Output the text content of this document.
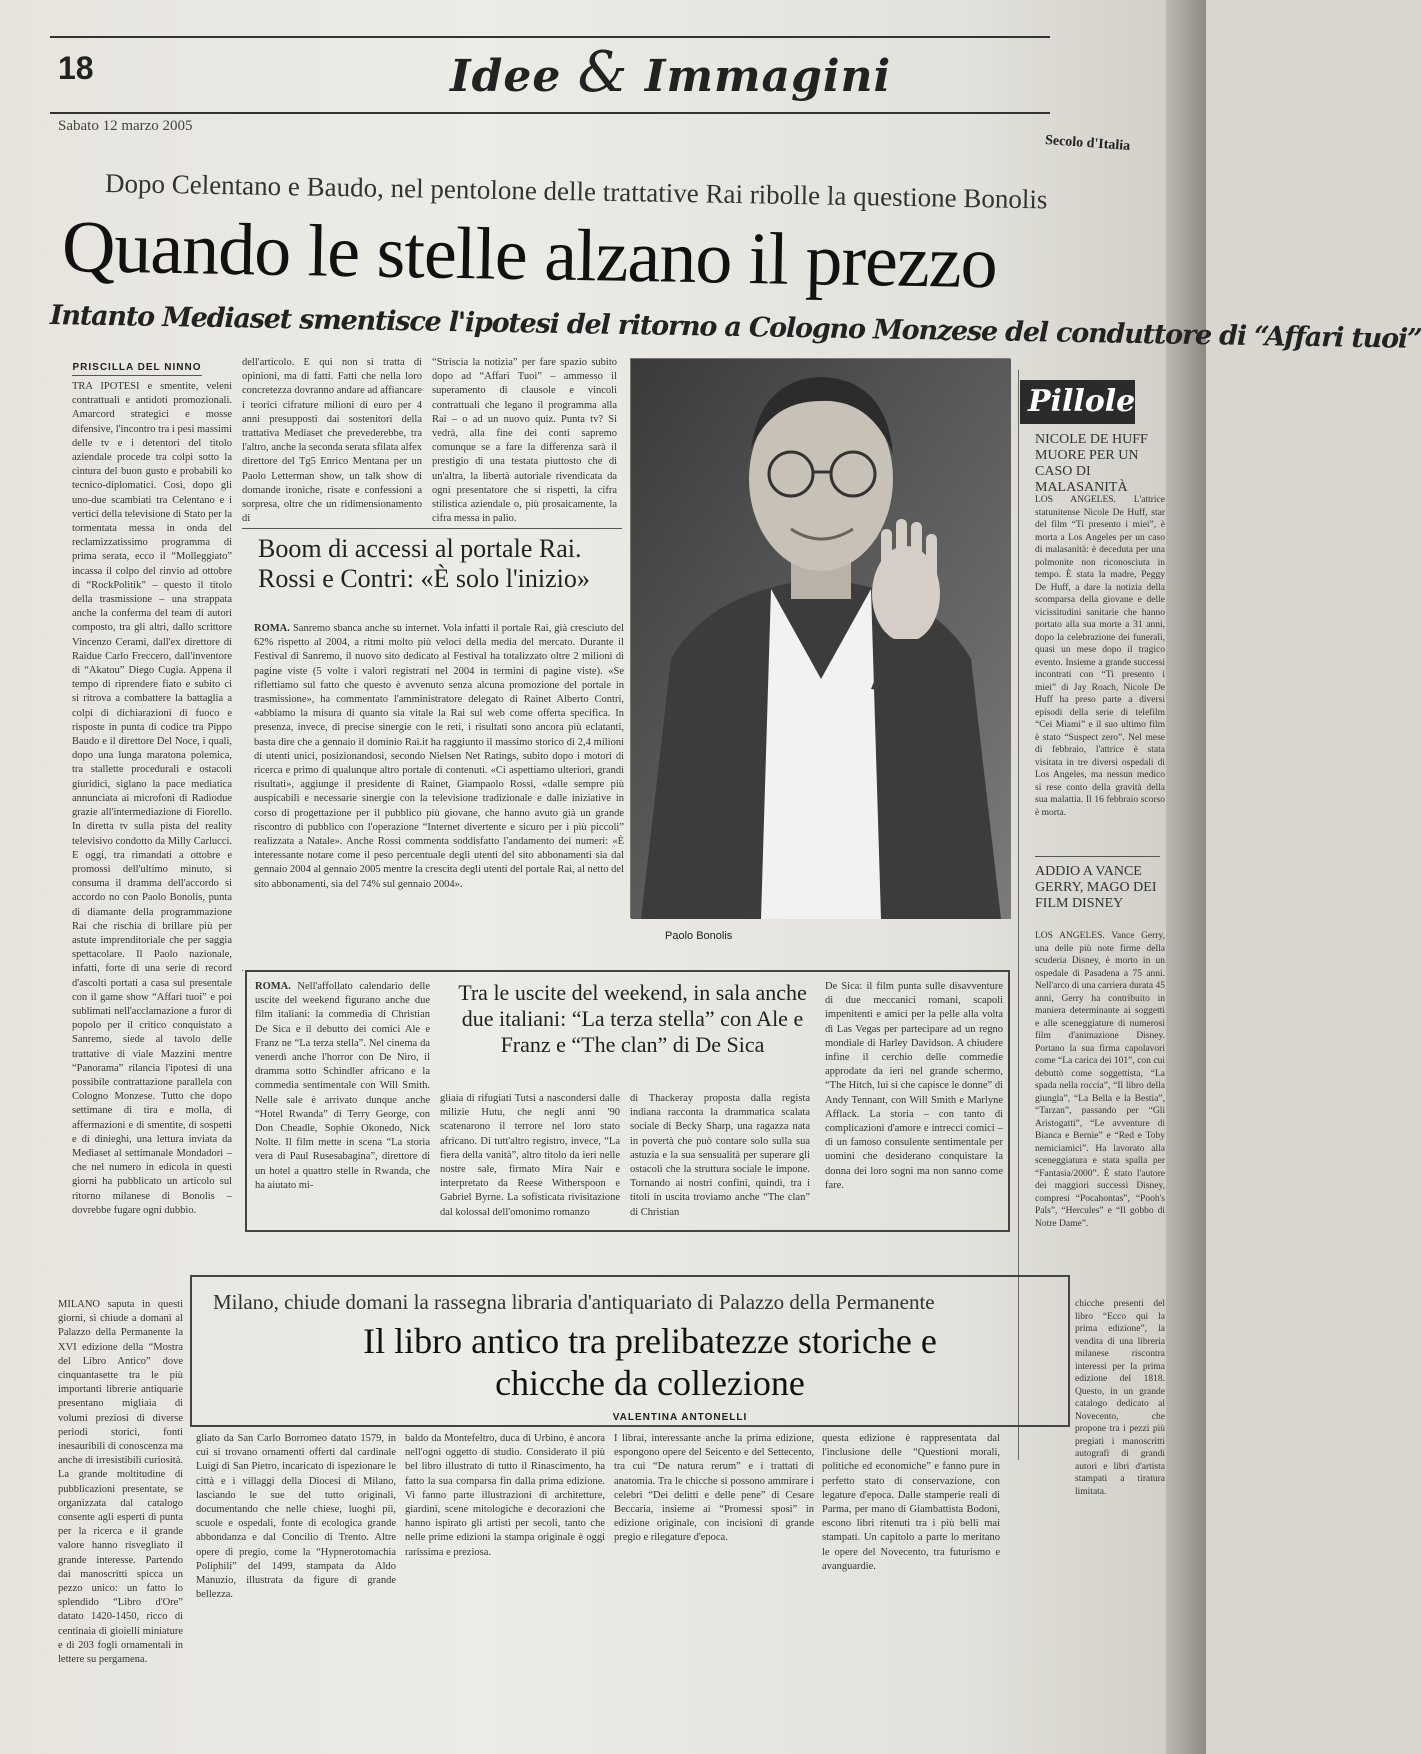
18	Idee & Immagini
Sabato 12 marzo 2005
Secolo d'Italia
Dopo Celentano e Baudo, nel pentolone delle trattative Rai ribolle la questione Bonolis
Quando le stelle alzano il prezzo
Intanto Mediaset smentisce l'ipotesi del ritorno a Cologno Monzese del conduttore di “Affari tuoi”
PRISCILLA DEL NINNO

TRA IPOTESI e smentite, veleni contrattuali e antidoti promozionali. Amarcord strategici e mosse difensive, l'incontro tra i pesi massimi delle tv e i detentori del titolo aziendale procede tra colpi sotto la cintura del buon gusto e probabili ko tecnico-diplomatici. Così, dopo gli uno-due scambiati tra Celentano e i vertici della televisione di Stato per la tormentata messa in onda del reclamizzatissimo programma di prima serata, ecco il “Molleggiato” incassa il colpo del rinvio ad ottobre di “RockPolitik” – questo il titolo della trasmissione – una strappata anche la conferma del team di autori composto, tra gli altri, dallo scrittore Vincenzo Cerami, dall'ex direttore di Raidue Carlo Freccero, dall'inventore di “Akatou” Diego Cugia. Appena il tempo di riprendere fiato e subito ci si ritrova a combattere la battaglia a colpi di dichiarazioni di fuoco e risposte in punta di codice tra Pippo Baudo e il direttore Del Noce, i quali, dopo una lunga maratona polemica, tra stallette procedurali e ostacoli giuridici, siglano la pace mediatica annunciata ai microfoni di Radiodue grazie all'intermediazione di Fiorello. In diretta tv sulla pista del reality televisivo condotto da Milly Carlucci. E oggi, tra rimandati a ottobre e promossi dell'ultimo minuto, si consuma il dramma dell'accordo si accordo no con Paolo Bonolis, punta di diamante della programmazione Rai che rischia di brillare più per astute imprenditoriale che per saggia spettacolare. Il Paolo nazionale, infatti, forte di una serie di record d'ascolti portati a casa sul presentale con il game show “Affari tuoi” e poi sublimati nell'acclamazione a furor di popolo per il critico conquistato a Sanremo, siede al tavolo delle trattative di viale Mazzini mentre “Panorama” rilancia l'ipotesi di una possibile contrattazione parallela con Cologno Monzese. Tutto che dopo settimane di tira e molla, di affermazioni e di smentite, di sospetti e di dinieghi, una lettura inviata da Mediaset al settimanale Mondadori – che nel numero in edicola in questi giorni ha pubblicato un articolo sul ritorno milanese di Bonolis – dovrebbe fugare ogni dubbio.

dell'articolo. E qui non si tratta di opinioni, ma di fatti. Fatti che nella loro concretezza dovranno andare ad affiancare i teorici cifrature milioni di euro per 4 anni presupposti dai sostenitori della trattativa Mediaset che prevederebbe, tra l'altro, anche la seconda serata sfilata alfex direttore del Tg5 Enrico Mentana per un Paolo Letterman show, un talk show di domande ironiche, risate e confessioni a sorpresa, oltre che un ridimensionamento di

“Striscia la notizia” per fare spazio subito dopo ad “Affari Tuoi” – ammesso il superamento di clausole e vincoli contrattuali che legano il programma alla Rai – o ad un nuovo quiz. Punta tv? Si vedrà, alla fine dei conti sapremo comunque se a fare la differenza sarà il prestigio di una testata piuttosto che di un'altra, la libertà autoriale rivendicata da ogni presentatore che si rispetti, la cifra stilistica aziendale o, più prosaicamente, la cifra messa in palio.

Paolo Bonolis
Boom di accessi al portale Rai. Rossi e Contri: «È solo l'inizio»

ROMA. Sanremo sbanca anche su internet. Vola infatti il portale Rai, già cresciuto del 62% rispetto al 2004, a ritmi molto più veloci della media del mercato. Durante il Festival di Sanremo, il nuovo sito dedicato al Festival ha totalizzato oltre 2 milioni di pagine viste (5 volte i valori registrati nel 2004 in termini di pagine viste). «Se riflettiamo sul fatto che questo è avvenuto senza alcuna promozione del portale in trasmissione», ha commentato l'amministratore delegato di Rainet Alberto Contri, «abbiamo la misura di quanto sia vitale la Rai sul web come offerta specifica. In presenza, invece, di precise sinergie con le reti, i risultati sono ancora più eclatanti, basta dire che a gennaio il dominio Rai.it ha raggiunto il massimo storico di 2,4 milioni di utenti unici, posizionandosi, secondo Nielsen Net Ratings, subito dopo i motori di ricerca e primo di qualunque altro portale di contenuti. «Ci aspettiamo ulteriori, grandi risultati», aggiunge il presidente di Rainet, Giampaolo Rossi, «dalle sempre più auspicabili e necessarie sinergie con la televisione tradizionale e dalle iniziative in corso di progettazione per il pubblico più giovane, che hanno avuto già un grande riscontro di pubblico con l'operazione “Internet divertente e sicuro per i più piccoli” realizzata a Natale». Anche Rossi commenta soddisfatto l'andamento dei numeri: «È interessante notare come il peso percentuale degli utenti del sito abbonamenti sia dal gennaio 2004 al gennaio 2005 mentre la crescita degli utenti del portale Rai, al netto del sito abbonamenti, sia del 74% sul gennaio 2004».

ROMA. Nell'affollato calendario delle uscite del weekend figurano anche due film italiani: la commedia di Christian De Sica e il debutto dei comici Ale e Franz ne “La terza stella”. Nel cinema da venerdì anche l'horror con De Niro, il dramma sotto Schindler africano e la commedia sentimentale con Will Smith. Nelle sale è arrivato dunque anche “Hotel Rwanda” di Terry George, con Don Cheadle, Sophie Okonedo, Nick Nolte. Il film mette in scena “La storia vera di Paul Rusesabagina”, direttore di un hotel a quattro stelle in Rwanda, che ha aiutato mi-

Tra le uscite del weekend, in sala anche due italiani: “La terza stella” con Ale e Franz e “The clan” di De Sica

gliaia di rifugiati Tutsi a nascondersi dalle milizie Hutu, che negli anni '90 scatenarono il terrore nel loro stato africano. Di tutt'altro registro, invece, “La fiera della vanità”, altro titolo da ieri nelle nostre sale, firmato Mira Nair e interpretato da Reese Witherspoon e Gabriel Byrne. La sofisticata rivisitazione dal kolossal dell'omonimo romanzo

di Thackeray proposta dalla regista indiana racconta la drammatica scalata sociale di Becky Sharp, una ragazza nata in povertà che può contare solo sulla sua astuzia e la sua sensualità per superare gli ostacoli che la struttura sociale le impone. Tornando ai nostri confini, quindi, tra i titoli in uscita troviamo anche “The clan” di Christian

De Sica: il film punta sulle disavventure di due meccanici romani, scapoli impenitenti e amici per la pelle alla volta di Las Vegas per partecipare ad un regno mondiale di Harley Davidson. A chiudere infine il cerchio delle commedie approdate da ieri nel grande schermo, “The Hitch, lui sì che capisce le donne” di Andy Tennant, con Will Smith e Marlyne Afflack. La storia – con tanto di complicazioni d'amore e intrecci comici – di un famoso consulente sentimentale per uomini che desiderano conquistare la donna dei loro sogni ma non sanno come fare.

Pillole
NICOLE DE HUFF MUORE PER UN CASO DI MALASANITÀ

LOS ANGELES. L'attrice statunitense Nicole De Huff, star del film “Ti presento i miei”, è morta a Los Angeles per un caso di malasanità: è deceduta per una polmonite non riconosciuta in tempo. È stata la madre, Peggy De Huff, a dare la notizia della scomparsa della giovane e delle vicissitudini sanitarie che hanno portato alla sua morte a 31 anni, dopo la celebrazione dei funerali, quasi un mese dopo il tragico evento. Insieme a grande successi incontrati con “Ti presento i miei” di Jay Roach, Nicole De Huff ha preso parte a diversi episodi della serie di telefilm “Cei Miami” e il suo ultimo film è stato “Suspect zero”. Nel mese di febbraio, l'attrice è stata visitata in tre diversi ospedali di Los Angeles, ma nessun medico si rese conto della gravità della sua malattia. Il 16 febbraio scorso è morta.

ADDIO A VANCE GERRY, MAGO DEI FILM DISNEY

LOS ANGELES. Vance Gerry, una delle più note firme della scuderia Disney, è morto in un ospedale di Pasadena a 75 anni. Nell'arco di una carriera durata 45 anni, Gerry ha contribuito in maniera determinante ai soggetti e alle sceneggiature di numerosi film d'animazione Disney. Portano la sua firma capolavori come “La carica dei 101”, con cui debuttò come soggettista, “La spada nella roccia”, “Il libro della giungla”, “La Bella e la Bestia”, “Tarzan”, passando per “Gli Aristogatti”, “Le avventure di Bianca e Bernie” e “Red e Toby nemiciamici”. Ha lavorato alla sceneggiatura e stata spalla per “Fantasia/2000”. È stato l'autore dei maggiori successi Disney, compresi “Pocahontas”, “Pooh's Pals”, “Hercules” e “Il gobbo di Notre Dame”.

Milano, chiude domani la rassegna libraria d'antiquariato di Palazzo della Permanente
Il libro antico tra prelibatezze storiche e chicche da collezione
VALENTINA ANTONELLI

MILANO saputa in questi giorni, si chiude a domani al Palazzo della Permanente la XVI edizione della “Mostra del Libro Antico” dove cinquantasette tra le più importanti librerie antiquarie presentano migliaia di volumi preziosi di diverse periodi storici, fonti inesauribili di conoscenza ma anche di irresistibili curiosità. La grande moltitudine di pubblicazioni presentate, se organizzata dal catalogo consente agli esperti di punta per la ricerca e il grande valore hanno risvegliato il grande interesse. Partendo dai manoscritti spicca un pezzo unico: un fatto lo splendido “Libro d'Ore” datato 1420-1450, ricco di centinaia di gioielli miniature e di 203 fogli ornamentali in lettere su pergamena.

gliato da San Carlo Borromeo datato 1579, in cui si trovano ornamenti offerti dal cardinale Luigi di San Pietro, incaricato di ispezionare le città e i villaggi della Diocesi di Milano, lasciando le sue del tutto originali, documentando che nelle chiese, luoghi pii, scuole e ospedali, fonte di ecologica grande abbondanza e dal Concilio di Trento. Altre opere di pregio, come la “Hypnerotomachia Poliphili” del 1499, stampata da Aldo Manuzio, illustrata da figure di grande bellezza.

baldo da Montefeltro, duca di Urbino, è ancora nell'ogni oggetto di studio. Considerato il più bel libro illustrato di tutto il Rinascimento, ha fatto la sua comparsa fin dalla prima edizione. Vi fanno parte illustrazioni di architetture, giardini, scene mitologiche e decorazioni che hanno ispirato gli artisti per secoli, tanto che nelle prime edizioni la stampa originale è oggi rarissima e preziosa.

I librai, interessante anche la prima edizione, espongono opere del Seicento e del Settecento, tra cui “De natura rerum” e i trattati di anatomia. Tra le chicche si possono ammirare i celebri “Dei delitti e delle pene” di Cesare Beccaria, insieme ai “Promessi sposi” in edizione originale, con incisioni di grande pregio e rilegature d'epoca.

questa edizione è rappresentata dal l'inclusione delle “Questioni morali, politiche ed economiche” e fanno pure in perfetto stato di conservazione, con legature d'epoca. Dalle stamperie reali di Parma, per mano di Giambattista Bodoni, escono libri ritenuti tra i più belli mai stampati. Un capitolo a parte lo meritano le opere del Novecento, tra futurismo e avanguardie.

chicche presenti del libro “Ecco qui la prima edizione”, la vendita di una libreria milanese riscontra interessi per la prima edizione del 1818. Questo, in un grande catalogo dedicato al Novecento, che propone tra i pezzi più pregiati i manoscritti autografi di grandi autori e libri d'artista stampati a tiratura limitata.
